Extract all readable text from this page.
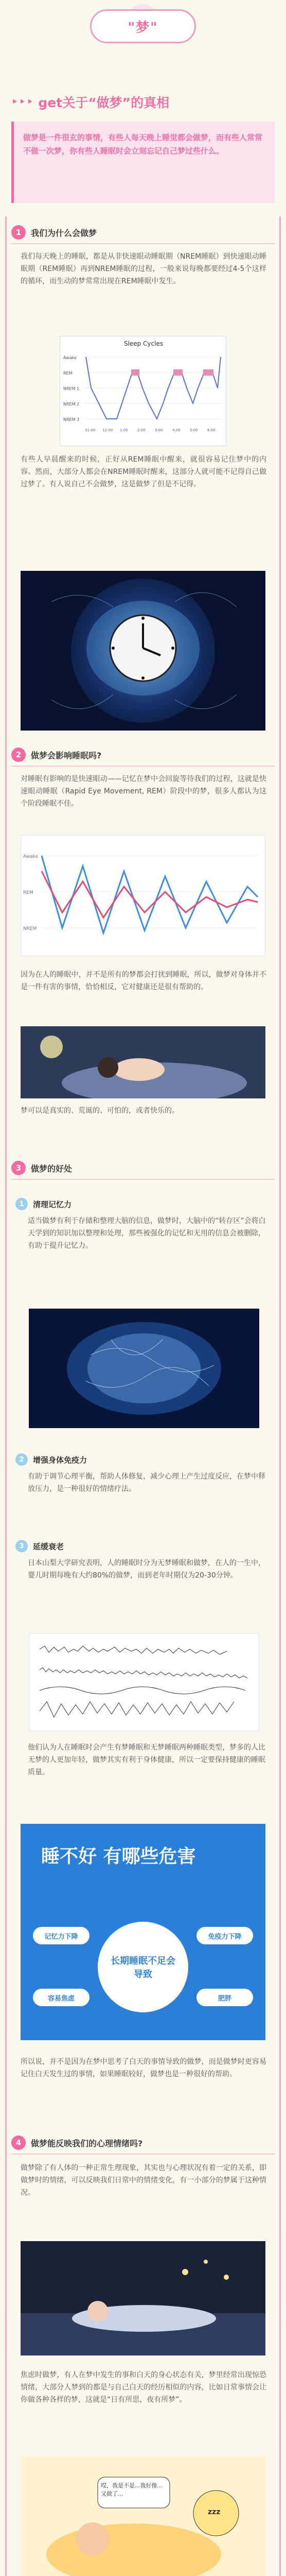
"梦"
⯈⯈⯈ get关于“做梦”的真相
做梦是一件很玄的事情，有些人每天晚上睡觉都会做梦，而有些人常常不做一次梦，你有些人睡眠时会立刻忘记自己梦过些什么。
1	我们为什么会做梦
我们每天晚上的睡眠，都是从非快速眼动睡眠期（NREM睡眠）到快速眼动睡眠期（REM睡眠）再到NREM睡眠的过程，一般来说每晚都要经过4-5个这样的循环，而生动的梦常常出现在REM睡眠中发生。
Sleep Cycles
Awake
REM
NREM 1
NREM 2
NREM 3
11:00 12:00 1:00	2:00	3:00	4:00	5:00	6:00
有些人早晨醒来的时候，正好从REM睡眠中醒来，就很容易记住梦中的内容。然而，大部分人都会在NREM睡眠时醒来，这部分人就可能不记得自己做过梦了。有人说自己不会做梦，这是做梦了但是不记得。
2	做梦会影响睡眠吗?
对睡眠有影响的是快速眼动——记忆在梦中会回旋等待我们的过程，这就是快速眼动睡眠（Rapid Eye Movement, REM）阶段中的梦，很多人都认为这个阶段睡眠不佳。
Awake
REM
NREM
因为在人的睡眠中，并不是所有的梦都会打扰到睡眠，所以，做梦对身体并不是一件有害的事情，恰恰相反，它对健康还是很有帮助的。
梦可以是真实的、荒诞的、可怕的，或者快乐的。
3	做梦的好处
1	清理记忆力
适当做梦有利于存储和整理大脑的信息，做梦时，大脑中的“转存区”会将白天学到的知识加以整理和处理，那些被强化的记忆和无用的信息会被删除，有助于提升记忆力。
2	增强身体免疫力
有助于调节心理平衡，帮助人体修复，减少心理上产生过度反应，在梦中释放压力，是一种很好的情绪疗法。
3	延缓衰老
日本山梨大学研究表明，人的睡眠时分为无梦睡眠和做梦，在人的一生中，婴儿时期每晚有大约80%的做梦，而到老年时期仅为20-30分钟。
他们认为人在睡眠时会产生有梦睡眠和无梦睡眠两种睡眠类型，梦多的人比无梦的人更加年轻，做梦其实有利于身体健康，所以一定要保持健康的睡眠质量。
睡不好 有哪些危害
长期睡眠不足会导致
记忆力下降	免疫力下降
容易焦虑	肥胖
所以说，并不是因为在梦中思考了白天的事情导致的做梦，而是做梦时更容易记住白天发生过的事情，如果睡眠较好，做梦也是一种很好的帮助。
4	做梦能反映我们的心理情绪吗?
做梦除了有人体的一种正常生理现象，其实也与心理状况有着一定的关系，即做梦时的情绪，可以反映我们日常中的情绪变化，有一小部分的梦属于这种情况。
焦虑时做梦，有人在梦中发生的事和白天的身心状态有关，梦里经常出现惊恐情绪，大部分人梦到的都是与自己白天的经历相似的内容，比如日常事情会让你做各种各样的梦，这就是“日有所思，夜有所梦”。
哎，我是不是...我好像...又做了...
zzz
